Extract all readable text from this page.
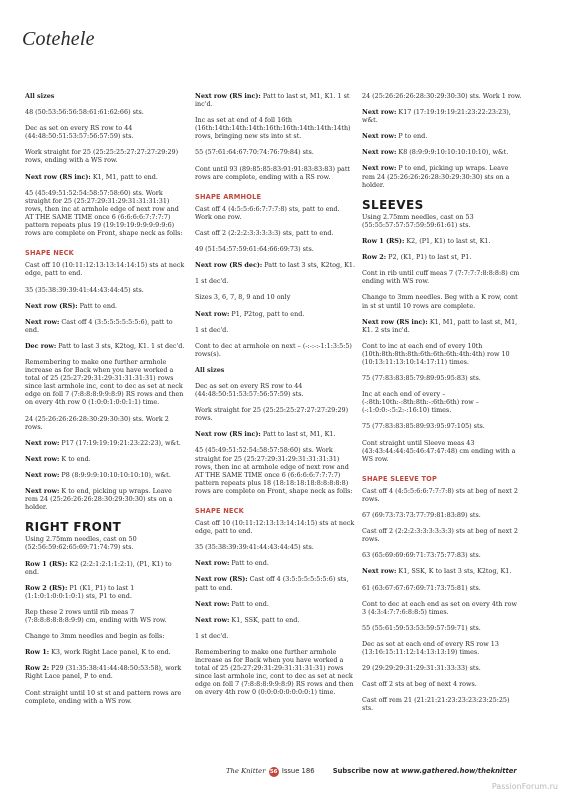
Cotehele

All sizes

48 (50:53:56:56:58:61:61:62:66) sts.

Dec as set on every RS row to 44 (44:48:50:51:53:57:56:57:59) sts.

Work straight for 25 (25:25:25:27:27:27:29:29) rows, ending with a WS row.

Next row (RS inc): K1, M1, patt to end.

45 (45:49:51:52:54:58:57:58:60) sts. Work straight for 25 (25:27:29:31:29:31:31:31:31) rows, then inc at armhole edge of next row and AT THE SAME TIME once 6 (6:6:6:6:7:7:7:7) pattern repeats plus 19 (19:19:19:9:9:9:9:9:6) rows are complete on Front, shape neck as folls:

SHAPE NECK

Cast off 10 (10:11:12:13:13:14:14:15) sts at neck edge, patt to end.

35 (35:38:39:39:41:44:43:44:45) sts.

Next row (RS): Patt to end.

Next row: Cast off 4 (3:5:5:5:5:5:5:6), patt to end.

Dec row: Patt to last 3 sts, K2tog, K1. 1 st dec'd.

Remembering to make one further armhole increase as for Back when you have worked a total of 25 (25:27:29:31:29:31:31:31:31) rows since last armhole inc, cont to dec as set at neck edge on foll 7 (7:8:8:8:9:9:8:9) RS rows and then on every 4th row 0 (1:0:0:1:0:0:1:1) time.

24 (25:26:26:26:28:30:29:30:30) sts. Work 2 rows.

Next row: P17 (17:19:19:19:21:23:22:23), w&t.

Next row: K to end.

Next row: P8 (8:9:9:9:10:10:10:10:10), w&t.

Next row: K to end, picking up wraps. Leave rem 24 (25:26:26:26:28:30:29:30:30) sts on a holder.

RIGHT FRONT

Using 2.75mm needles, cast on 50 (52:56:59:62:65:69:71:74:79) sts.

Row 1 (RS): K2 (2:2:1:2:1:1:2:1), (P1, K1) to end.

Row 2 (RS): P1 (K1, P1) to last 1 (1:1:0:1:0:0:1:0:1) sts, P1 to end.

Rep these 2 rows until rib meas 7 (7:8:8:8:8:8:8:9:9) cm, ending with WS row.

Change to 3mm needles and begin as folls:

Row 1: K3, work Right Lace panel, K to end.

Row 2: P29 (31:35:38:41:44:48:50:53:58), work Right Lace panel, P to end.

Cont straight until 10 st st and pattern rows are complete, ending with a WS row.

Next row (RS inc): Patt to last st, M1, K1. 1 st inc'd.

Inc as set at end of 4 foll 16th (16th:14th:14th:14th:16th:16th:14th:14th:14th) rows, bringing new sts into st st.

55 (57:61:64:67:70:74:76:79:84) sts.

Cont until 93 (89:85:85:83:91:91:83:83:83) patt rows are complete, ending with a RS row.

SHAPE ARMHOLE

Cast off 4 (4:5:5:6:6:7:7:7:8) sts, patt to end. Work one row.

Cast off 2 (2:2:2:3:3:3:3:3) sts, patt to end.

49 (51:54:57:59:61:64:66:69:73) sts.

Next row (RS dec): Patt to last 3 sts, K2tog, K1.

1 st dec'd.

Sizes 3, 6, 7, 8, 9 and 10 only

Next row: P1, P2tog, patt to end.

1 st dec'd.

Cont to dec at armhole on next – (-:-:-:-1:1:3:5:5) rows(s).

All sizes

Dec as set on every RS row to 44 (44:48:50:51:53:57:56:57:59) sts.

Work straight for 25 (25:25:25:27:27:27:29:29) rows.

Next row (RS inc): Patt to last st, M1, K1.

45 (45:49:51:52:54:58:57:58:60) sts. Work straight for 25 (25:27:29:31:29:31:31:31:31) rows, then inc at armhole edge of next row and AT THE SAME TIME once 6 (6:6:6:6:7:7:7:7) pattern repeats plus 18 (18:18:18:18:8:8:8:8:8) rows are complete on Front, shape neck as folls:

SHAPE NECK

Cast off 10 (10:11:12:13:13:14:14:15) sts at neck edge, patt to end.

35 (35:38:39:39:41:44:43:44:45) sts.

Next row: Patt to end.

Next row (RS): Cast off 4 (3:5:5:5:5:5:5:6) sts, patt to end.

Next row: Patt to end.

Next row: K1, SSK, patt to end.

1 st dec'd.

Remembering to make one further armhole increase as for Back when you have worked a total of 25 (25:27:29:31:29:31:31:31:31) rows since last armhole inc, cont to dec as set at neck edge on foll 7 (7:8:8:8:9:9:8:9) RS rows and then on every 4th row 0 (0:0:0:0:0:0:0:0:1) time.

24 (25:26:26:26:28:30:29:30:30) sts. Work 1 row.

Next row: K17 (17:19:19:19:21:23:22:23:23), w&t.

Next row: P to end.

Next row: K8 (8:9:9:9:10:10:10:10:10), w&t.

Next row: P to end, picking up wraps. Leave rem 24 (25:26:26:26:28:30:29:30:30) sts on a holder.

SLEEVES

Using 2.75mm needles, cast on 53 (55:55:57:57:57:59:59:61:61) sts.

Row 1 (RS): K2, (P1, K1) to last st, K1.

Row 2: P2, (K1, P1) to last st, P1.

Cont in rib until cuff meas 7 (7:7:7:7:8:8:8:8) cm ending with WS row.

Change to 3mm needles. Beg with a K row, cont in st st until 10 rows are complete.

Next row (RS inc): K1, M1, patt to last st, M1, K1. 2 sts inc'd.

Cont to inc at each end of every 10th (10th:8th:8th:8th:6th:6th:6th:4th:4th) row 10 (10:13:11:13:10:14:17:11) times.

75 (77:83:83:85:79:89:95:95:83) sts.

Inc at each end of every – (-:8th:10th:-:8th:8th:-:6th:6th) row – (-:1:0:0:-:5:2:-:16:10) times.

75 (77:83:83:85:89:93:95:97:105) sts.

Cont straight until Sleeve meas 43 (43:43:44:44:45:46:47:47:48) cm ending with a WS row.

SHAPE SLEEVE TOP

Cast off 4 (4:5:5:6:6:7:7:7:8) sts at beg of next 2 rows.

67 (69:73:73:73:77:79:81:83:89) sts.

Cast off 2 (2:2:2:3:3:3:3:3:3) sts at beg of next 2 rows.

63 (65:69:69:69:71:73:75:77:83) sts.

Next row: K1, SSK, K to last 3 sts, K2tog, K1.

61 (63:67:67:67:69:71:73:75:81) sts.

Cont to dec at each end as set on every 4th row 3 (4:3:4:7:7:6:8:8:5) times.

55 (55:61:59:53:53:59:57:59:71) sts.

Dec as set at each end of every RS row 13 (13:16:15:11:12:14:13:13:19) times.

29 (29:29:29:31:29:31:31:33:33) sts.

Cast off 2 sts at beg of next 4 rows.

Cast off rem 21 (21:21:21:23:23:23:23:25:25) sts.

The Knitter 56 Issue 186	Subscribe now at www.gathered.how/theknitter
PassionForum.ru
